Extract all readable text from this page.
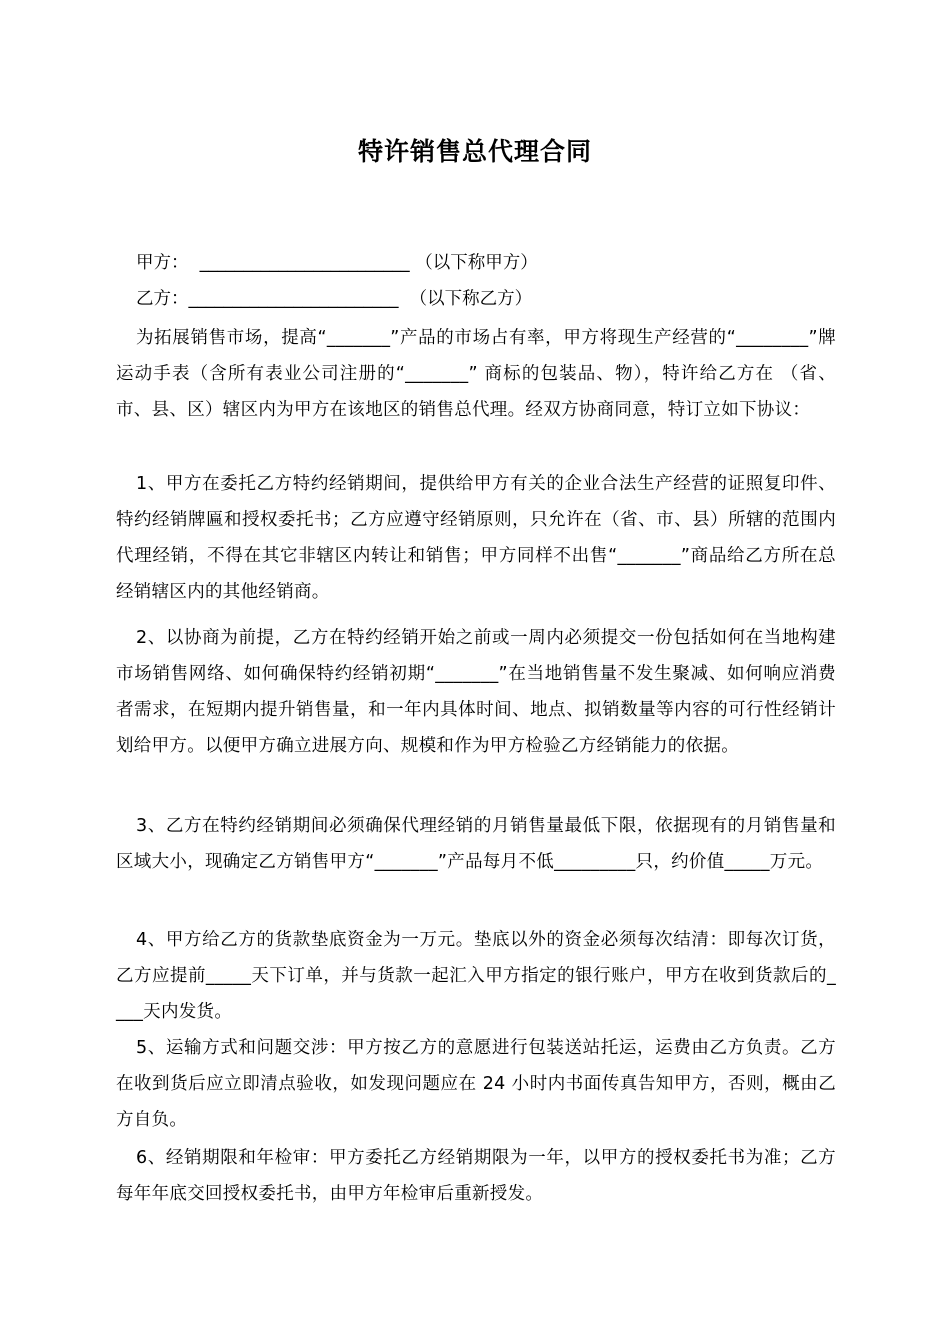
特许销售总代理合同

甲方：  ________________________ （以下称甲方）

乙方：________________________  （以下称乙方）

为拓展销售市场，提高“_______”产品的市场占有率，甲方将现生产经营的“________”牌运动手表（含所有表业公司注册的“_______” 商标的包装品、物），特许给乙方在 （省、市、县、区）辖区内为甲方在该地区的销售总代理。经双方协商同意，特订立如下协议：

1、甲方在委托乙方特约经销期间，提供给甲方有关的企业合法生产经营的证照复印件、特约经销牌匾和授权委托书；乙方应遵守经销原则，只允许在（省、市、县）所辖的范围内代理经销，不得在其它非辖区内转让和销售；甲方同样不出售“_______”商品给乙方所在总经销辖区内的其他经销商。

2、以协商为前提，乙方在特约经销开始之前或一周内必须提交一份包括如何在当地构建市场销售网络、如何确保特约经销初期“_______”在当地销售量不发生聚减、如何响应消费者需求，在短期内提升销售量，和一年内具体时间、地点、拟销数量等内容的可行性经销计划给甲方。以便甲方确立进展方向、规模和作为甲方检验乙方经销能力的依据。

3、乙方在特约经销期间必须确保代理经销的月销售量最低下限，依据现有的月销售量和区域大小，现确定乙方销售甲方“_______”产品每月不低_________只，约价值_____万元。

4、甲方给乙方的货款垫底资金为一万元。垫底以外的资金必须每次结清：即每次订货，乙方应提前_____天下订单，并与货款一起汇入甲方指定的银行账户，甲方在收到货款后的____天内发货。

5、运输方式和问题交涉：甲方按乙方的意愿进行包装送站托运，运费由乙方负责。乙方在收到货后应立即清点验收，如发现问题应在 24 小时内书面传真告知甲方，否则，概由乙方自负。

6、经销期限和年检审：甲方委托乙方经销期限为一年，以甲方的授权委托书为准；乙方每年年底交回授权委托书，由甲方年检审后重新授发。
